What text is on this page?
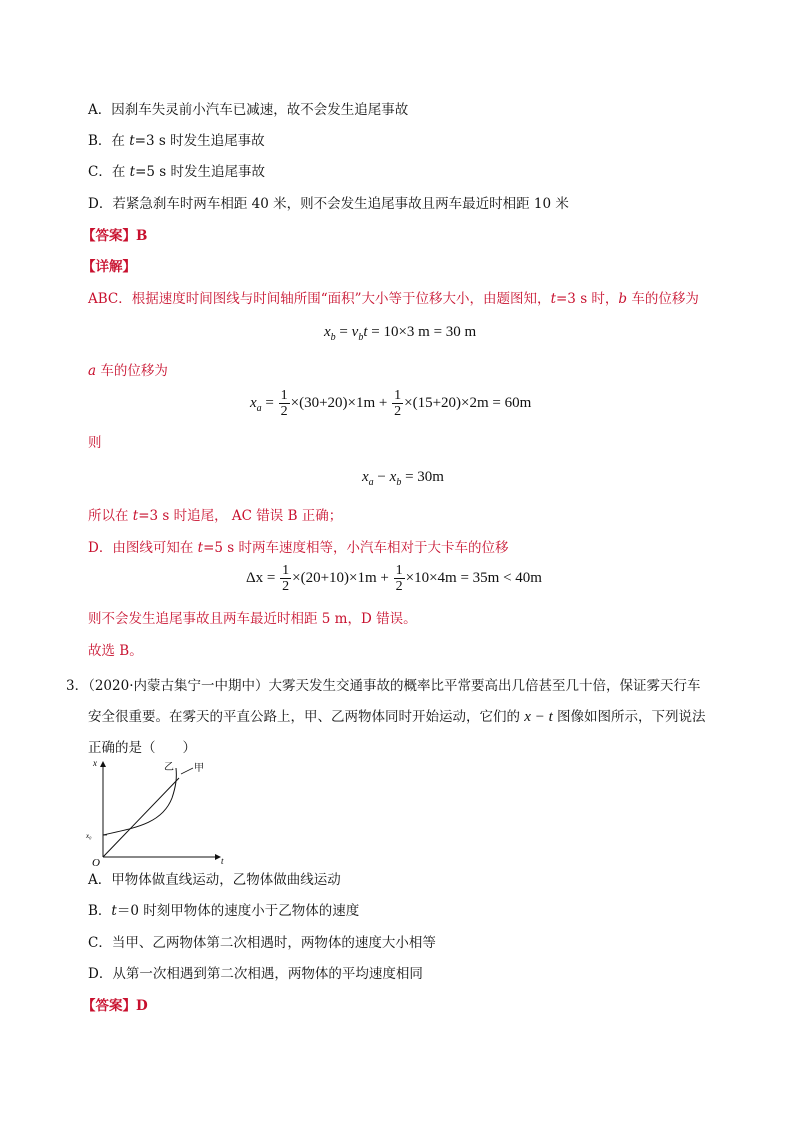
A．因刹车失灵前小汽车已减速，故不会发生追尾事故
B．在 t=3 s 时发生追尾事故
C．在 t=5 s 时发生追尾事故
D．若紧急刹车时两车相距 40 米，则不会发生追尾事故且两车最近时相距 10 米
【答案】B
【详解】
ABC．根据速度时间图线与时间轴所围“面积”大小等于位移大小，由题图知，t=3 s 时，b 车的位移为
$x_b = v_bt = 10\times 3$ m = 30 m
a 车的位移为
$x_a = \frac{1}{2} \times(30+20)\times 1m + \frac{1}{2} \times(15+20)\times 2m = 60m$
则
$x_a - x_b = 30m$
所以在 t=3 s 时追尾， AC 错误 B 正确；
D．由图线可知在 t=5 s 时两车速度相等，小汽车相对于大卡车的位移
$\Delta x = \frac{1}{2} \times(20+10)\times 1m + \frac{1}{2} \times 10\times 4m = 35m < 40m$
则不会发生追尾事故且两车最近时相距 5 m，D 错误。
故选 B。
3．（2020·内蒙古集宁一中期中）大雾天发生交通事故的概率比平常要高出几倍甚至几十倍，保证雾天行车
安全很重要。在雾天的平直公路上，甲、乙两物体同时开始运动，它们的 x − t 图像如图所示，下列说法
正确的是（　　）
x
t
O
x₀
乙 甲
A．甲物体做直线运动，乙物体做曲线运动
B．t＝0 时刻甲物体的速度小于乙物体的速度
C．当甲、乙两物体第二次相遇时，两物体的速度大小相等
D．从第一次相遇到第二次相遇，两物体的平均速度相同
【答案】D
